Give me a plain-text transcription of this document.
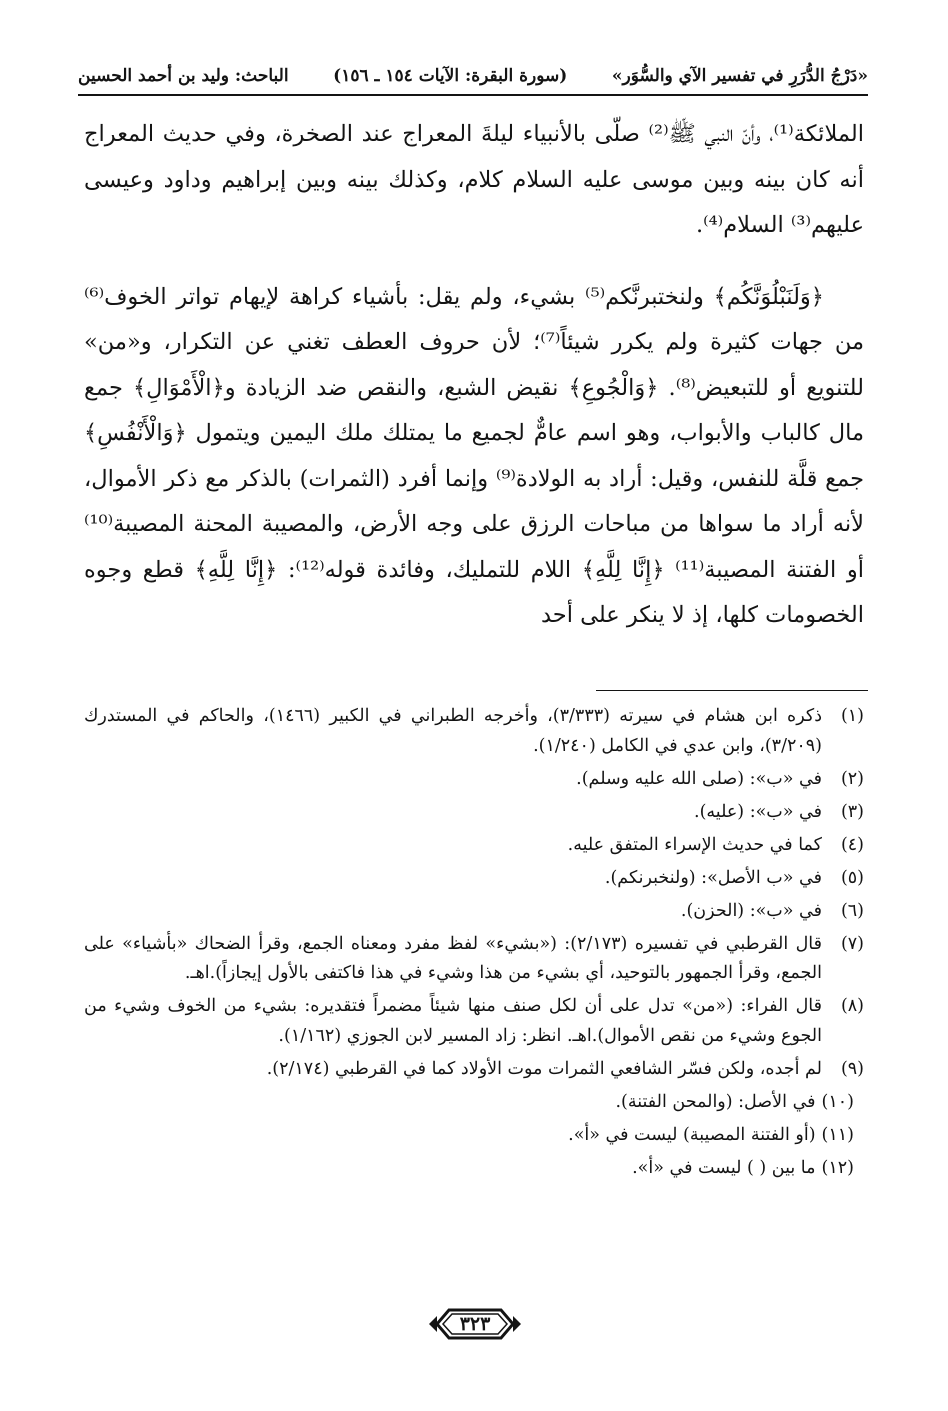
«دَرْجُ الدُّرَرِ في تفسير الآي والسُّوَر»
(سورة البقرة: الآيات ١٥٤ ـ ١٥٦)
الباحث: وليد بن أحمد الحسين

الملائكة⁽¹⁾، وأنّ النبي ﷺ⁽²⁾ صلّى بالأنبياء ليلةَ المعراج عند الصخرة، وفي حديث المعراج أنه كان بينه وبين موسى عليه السلام كلام، وكذلك بينه وبين إبراهيم وداود وعيسى عليهم⁽³⁾ السلام⁽⁴⁾.

﴿وَلَنَبْلُوَنَّكُم﴾ ولنختبرنَّكم⁽⁵⁾ بشيء، ولم يقل: بأشياء كراهة لإيهام تواتر الخوف⁽⁶⁾ من جهات كثيرة ولم يكرر شيئاً⁽⁷⁾؛ لأن حروف العطف تغني عن التكرار، و«من» للتنويع أو للتبعيض⁽⁸⁾. ﴿وَالْجُوعِ﴾ نقيض الشبع، والنقص ضد الزيادة و﴿الْأَمْوَالِ﴾ جمع مال كالباب والأبواب، وهو اسم عامٌّ لجميع ما يمتلك ملك اليمين ويتمول ﴿وَالْأَنْفُسِ﴾ جمع قلَّة للنفس، وقيل: أراد به الولادة⁽⁹⁾ وإنما أفرد (الثمرات) بالذكر مع ذكر الأموال، لأنه أراد ما سواها من مباحات الرزق على وجه الأرض، والمصيبة المحنة المصيبة⁽¹⁰⁾ أو الفتنة المصيبة⁽¹¹⁾ ﴿إِنَّا لِلَّهِ﴾ اللام للتمليك، وفائدة قوله⁽¹²⁾: ﴿إِنَّا لِلَّهِ﴾ قطع وجوه الخصومات كلها، إذ لا ينكر على أحد

(١)
ذكره ابن هشام في سيرته (٣/٣٣٣)، وأخرجه الطبراني في الكبير (١٤٦٦)، والحاكم في المستدرك (٣/٢٠٩)، وابن عدي في الكامل (١/٢٤٠).
(٢)
في «ب»: (صلى الله عليه وسلم).
(٣)
في «ب»: (عليه).
(٤)
كما في حديث الإسراء المتفق عليه.
(٥)
في «ب الأصل»: (ولنخبرنكم).
(٦)
في «ب»: (الحزن).
(٧)
قال القرطبي في تفسيره (٢/١٧٣): («بشيء» لفظ مفرد ومعناه الجمع، وقرأ الضحاك «بأشياء» على الجمع، وقرأ الجمهور بالتوحيد، أي بشيء من هذا وشيء في هذا فاكتفى بالأول إيجازاً).اهـ.
(٨)
قال الفراء: («من» تدل على أن لكل صنف منها شيئاً مضمراً فتقديره: بشيء من الخوف وشيء من الجوع وشيء من نقص الأموال).اهـ. انظر: زاد المسير لابن الجوزي (١/١٦٢).
(٩)
لم أجده، ولكن فسّر الشافعي الثمرات موت الأولاد كما في القرطبي (٢/١٧٤).
(١٠)
في الأصل: (والمحن الفتنة).
(١١)
(أو الفتنة المصيبة) ليست في «أ».
(١٢)
ما بين ( ) ليست في «أ».
٣٢٣
